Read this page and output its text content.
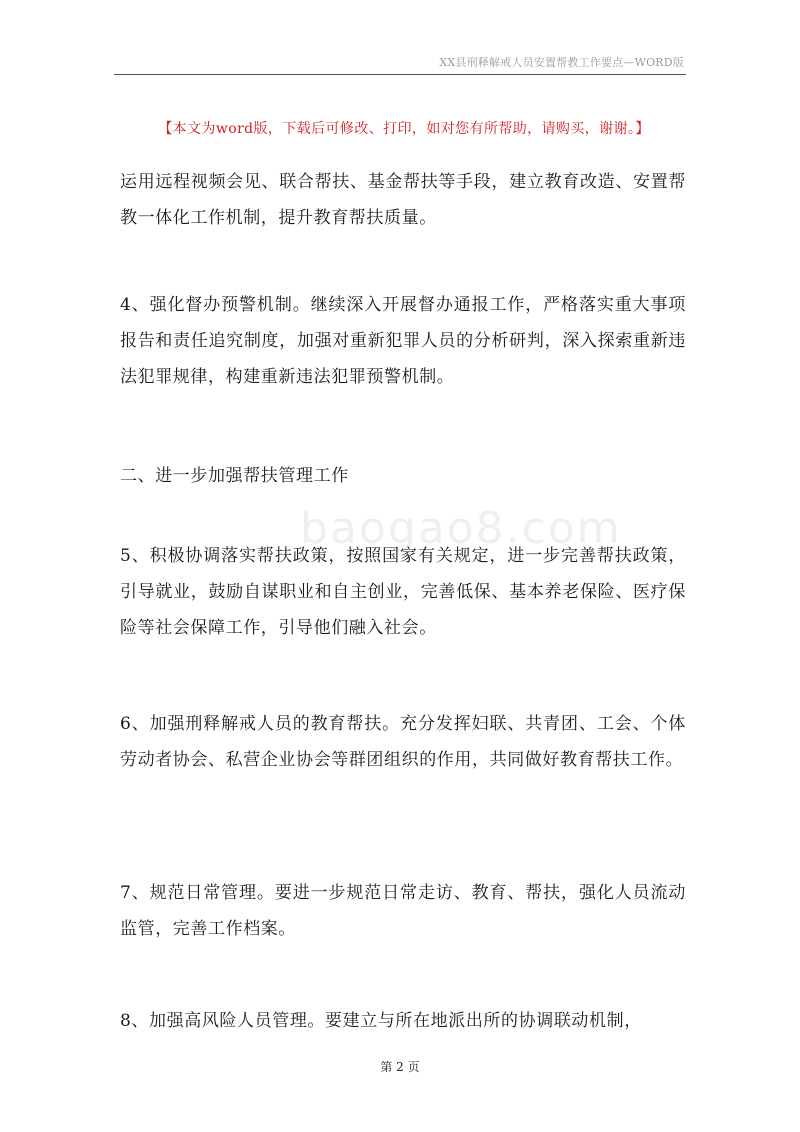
XX县刑释解戒人员安置帮教工作要点—WORD版
【本文为word版，下载后可修改、打印，如对您有所帮助，请购买，谢谢。】
baogao8.com

运用远程视频会见、联合帮扶、基金帮扶等手段，建立教育改造、安置帮教一体化工作机制，提升教育帮扶质量。

4、强化督办预警机制。继续深入开展督办通报工作，严格落实重大事项报告和责任追究制度，加强对重新犯罪人员的分析研判，深入探索重新违法犯罪规律，构建重新违法犯罪预警机制。

二、进一步加强帮扶管理工作

5、积极协调落实帮扶政策，按照国家有关规定，进一步完善帮扶政策，引导就业，鼓励自谋职业和自主创业，完善低保、基本养老保险、医疗保险等社会保障工作，引导他们融入社会。

6、加强刑释解戒人员的教育帮扶。充分发挥妇联、共青团、工会、个体劳动者协会、私营企业协会等群团组织的作用，共同做好教育帮扶工作。

7、规范日常管理。要进一步规范日常走访、教育、帮扶，强化人员流动监管，完善工作档案。

8、加强高风险人员管理。要建立与所在地派出所的协调联动机制，

第 2 页
